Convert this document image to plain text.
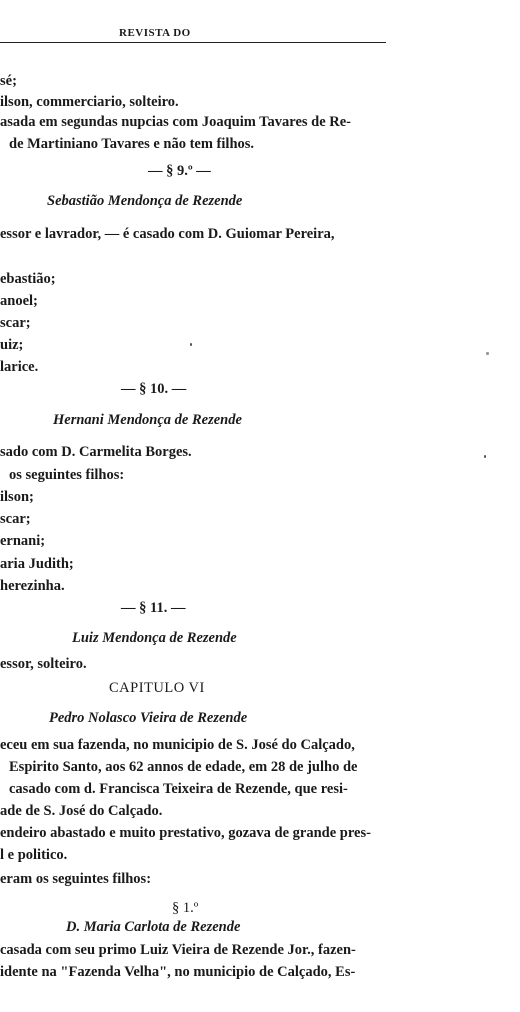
REVISTA DO
sé;
ilson, commerciario, solteiro.
asada em segundas nupcias com Joaquim Tavares de Re-
de Martiniano Tavares e não tem filhos.
— § 9.º —
Sebastião Mendonça de Rezende
essor e lavrador, — é casado com D. Guiomar Pereira,
ebastião;
anoel;
scar;
uiz;
larice.
— § 10. —
Hernani Mendonça de Rezende
sado com D. Carmelita Borges.
os seguintes filhos:
ilson;
scar;
ernani;
aria Judith;
herezinha.
— § 11. —
Luiz Mendonça de Rezende
essor, solteiro.
CAPITULO VI
Pedro Nolasco Vieira de Rezende
eceu em sua fazenda, no municipio de S. José do Calçado,
Espirito Santo, aos 62 annos de edade, em 28 de julho de
casado com d. Francisca Teixeira de Rezende, que resi-
ade de S. José do Calçado.
endeiro abastado e muito prestativo, gozava de grande pres-
l e politico.
eram os seguintes filhos:
§ 1.º
D. Maria Carlota de Rezende
casada com seu primo Luiz Vieira de Rezende Jor., fazen-
idente na "Fazenda Velha", no municipio de Calçado, Es-
